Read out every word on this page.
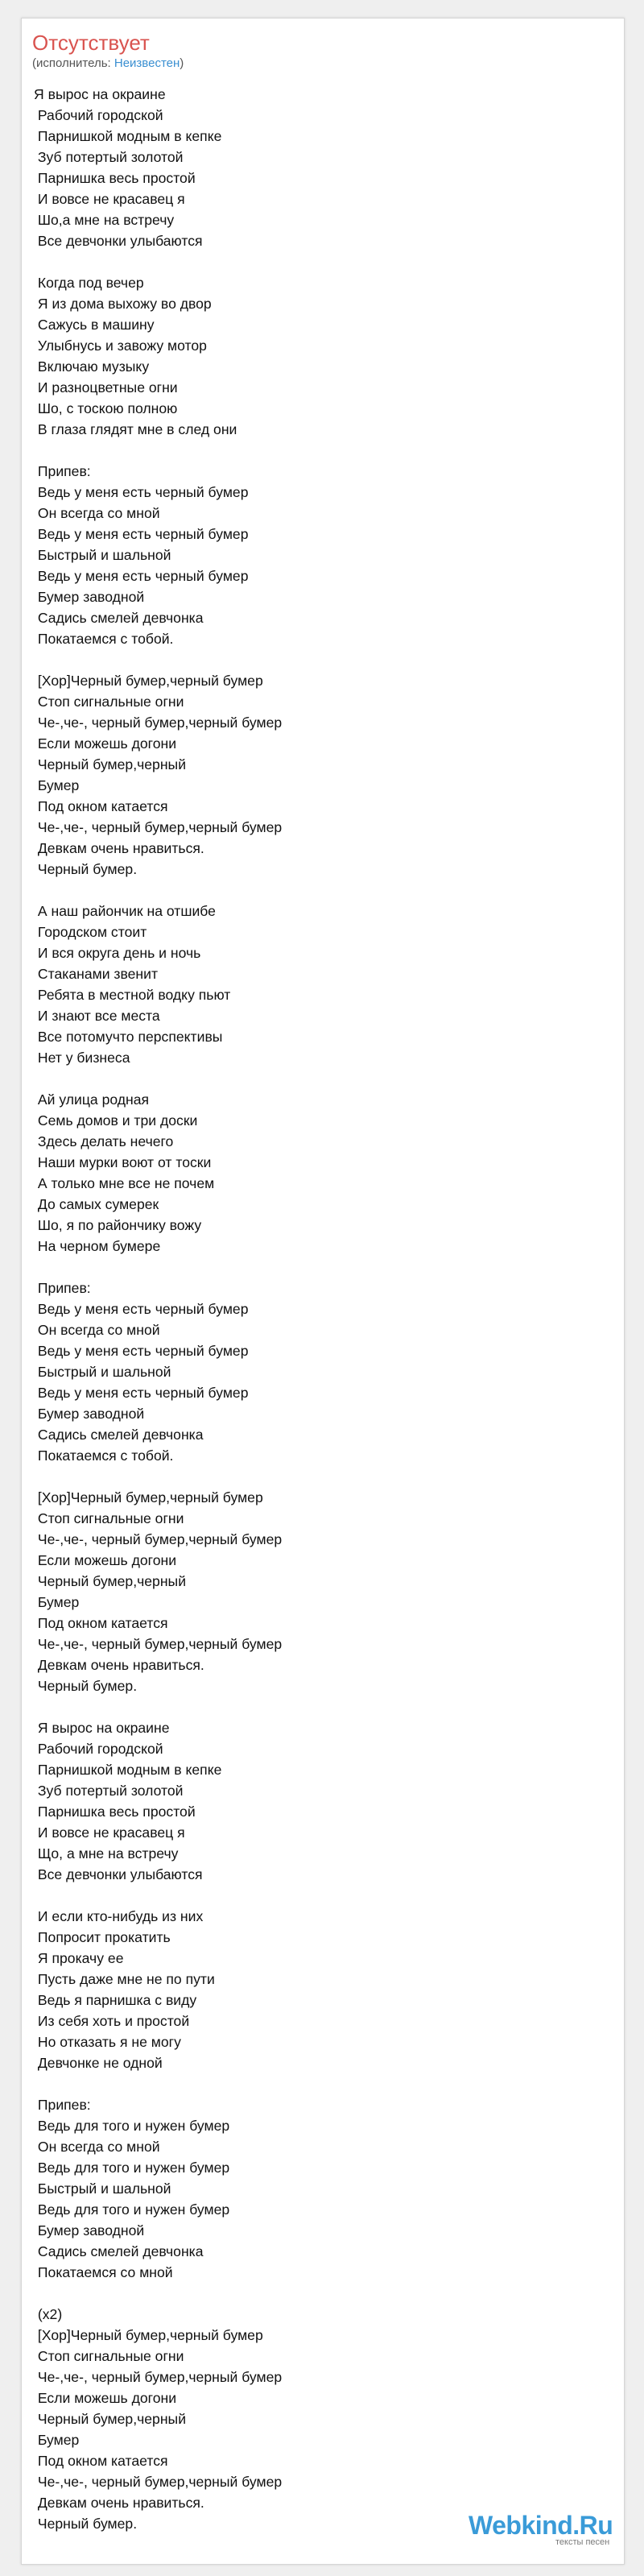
Отсутствует
(исполнитель: Неизвестен)
Я вырос на окраине
Рабочий городской
Парнишкой модным в кепке
Зуб потертый золотой
Парнишка весь простой
И вовсе не красавец я
Шо,а мне на встречу
Все девчонки улыбаются
Когда под вечер
Я из дома выхожу во двор
Сажусь в машину
Улыбнусь и завожу мотор
Включаю музыку
И разноцветные огни
Шо, с тоскою полною
В глаза глядят мне в след они
Припев:
Ведь у меня есть черный бумер
Он всегда со мной
Ведь у меня есть черный бумер
Быстрый и шальной
Ведь у меня есть черный бумер
Бумер заводной
Садись смелей девчонка
Покатаемся с тобой.
[Хор]Черный бумер,черный бумер
Стоп сигнальные огни
Че-,че-, черный бумер,черный бумер
Если можешь догони
Черный бумер,черный
Бумер
Под окном катается
Че-,че-, черный бумер,черный бумер
Девкам очень нравиться.
Черный бумер.
А наш райончик на отшибе
Городском стоит
И вся округа день и ночь
Стаканами звенит
Ребята в местной водку пьют
И знают все места
Все потомучто перспективы
Нет у бизнеса
Ай улица родная
Семь домов и три доски
Здесь делать нечего
Наши мурки воют от тоски
А только мне все не почем
До самых сумерек
Шо, я по райончику вожу
На черном бумере
Припев:
Ведь у меня есть черный бумер
Он всегда со мной
Ведь у меня есть черный бумер
Быстрый и шальной
Ведь у меня есть черный бумер
Бумер заводной
Садись смелей девчонка
Покатаемся с тобой.
[Хор]Черный бумер,черный бумер
Стоп сигнальные огни
Че-,че-, черный бумер,черный бумер
Если можешь догони
Черный бумер,черный
Бумер
Под окном катается
Че-,че-, черный бумер,черный бумер
Девкам очень нравиться.
Черный бумер.
Я вырос на окраине
Рабочий городской
Парнишкой модным в кепке
Зуб потертый золотой
Парнишка весь простой
И вовсе не красавец я
Що, а мне на встречу
Все девчонки улыбаются
И если кто-нибудь из них
Попросит прокатить
Я прокачу ее
Пусть даже мне не по пути
Ведь я парнишка с виду
Из себя хоть и простой
Но отказать я не могу
Девчонке не одной
Припев:
Ведь для того и нужен бумер
Он всегда со мной
Ведь для того и нужен бумер
Быстрый и шальной
Ведь для того и нужен бумер
Бумер заводной
Садись смелей девчонка
Покатаемся со мной
(x2)
[Хор]Черный бумер,черный бумер
Стоп сигнальные огни
Че-,че-, черный бумер,черный бумер
Если можешь догони
Черный бумер,черный
Бумер
Под окном катается
Че-,че-, черный бумер,черный бумер
Девкам очень нравиться.
Черный бумер.	Webkind.Ru
тексты песен
